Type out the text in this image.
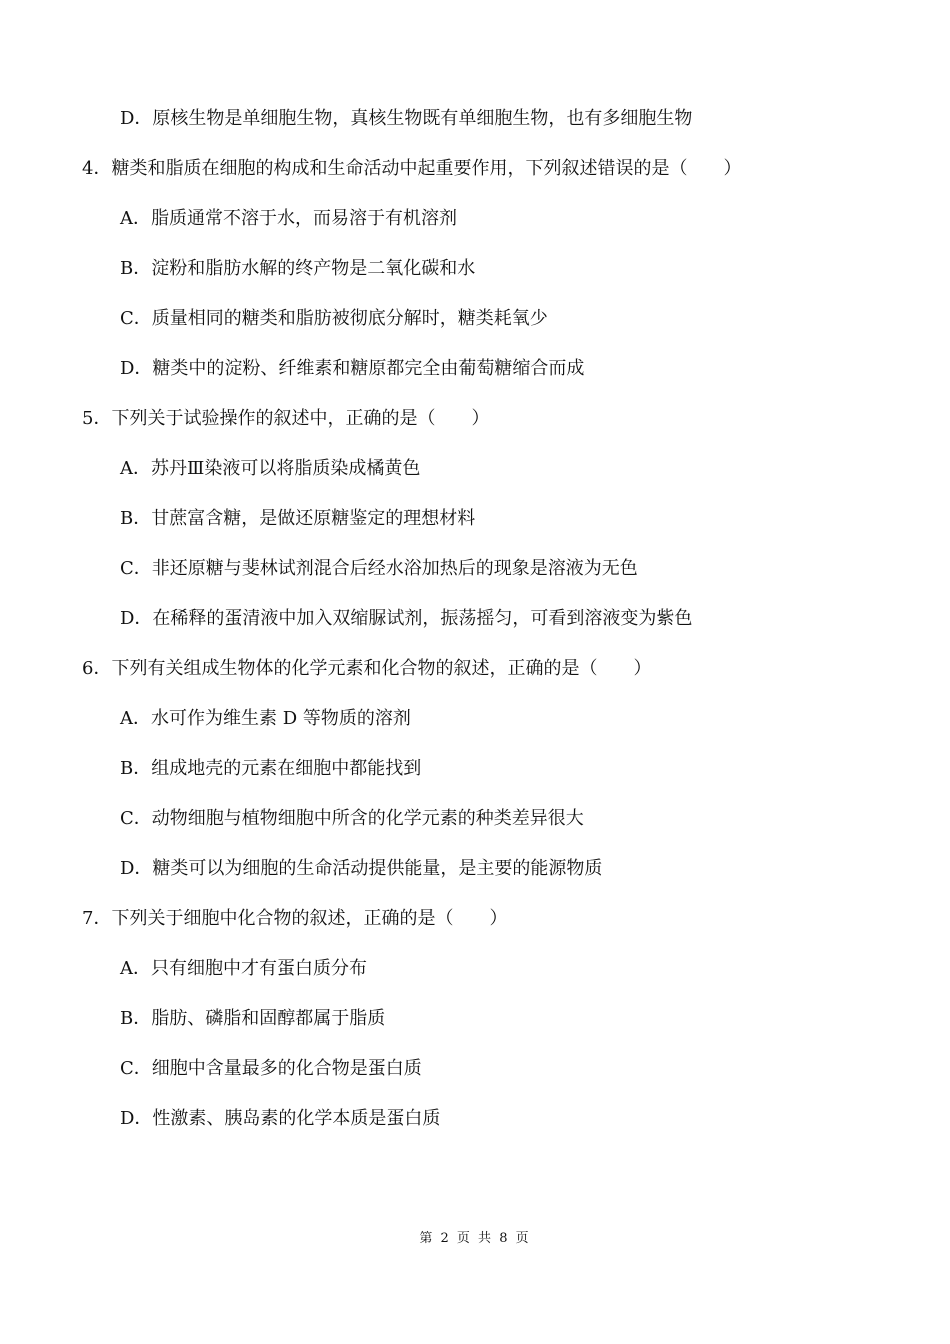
D．原核生物是单细胞生物，真核生物既有单细胞生物，也有多细胞生物
4．糖类和脂质在细胞的构成和生命活动中起重要作用，下列叙述错误的是（　　）
A．脂质通常不溶于水，而易溶于有机溶剂
B．淀粉和脂肪水解的终产物是二氧化碳和水
C．质量相同的糖类和脂肪被彻底分解时，糖类耗氧少
D．糖类中的淀粉、纤维素和糖原都完全由葡萄糖缩合而成
5．下列关于试验操作的叙述中，正确的是（　　）
A．苏丹Ⅲ染液可以将脂质染成橘黄色
B．甘蔗富含糖，是做还原糖鉴定的理想材料
C．非还原糖与斐林试剂混合后经水浴加热后的现象是溶液为无色
D．在稀释的蛋清液中加入双缩脲试剂，振荡摇匀，可看到溶液变为紫色
6．下列有关组成生物体的化学元素和化合物的叙述，正确的是（　　）
A．水可作为维生素 D 等物质的溶剂
B．组成地壳的元素在细胞中都能找到
C．动物细胞与植物细胞中所含的化学元素的种类差异很大
D．糖类可以为细胞的生命活动提供能量，是主要的能源物质
7．下列关于细胞中化合物的叙述，正确的是（　　）
A．只有细胞中才有蛋白质分布
B．脂肪、磷脂和固醇都属于脂质
C．细胞中含量最多的化合物是蛋白质
D．性激素、胰岛素的化学本质是蛋白质
第 2 页 共 8 页
